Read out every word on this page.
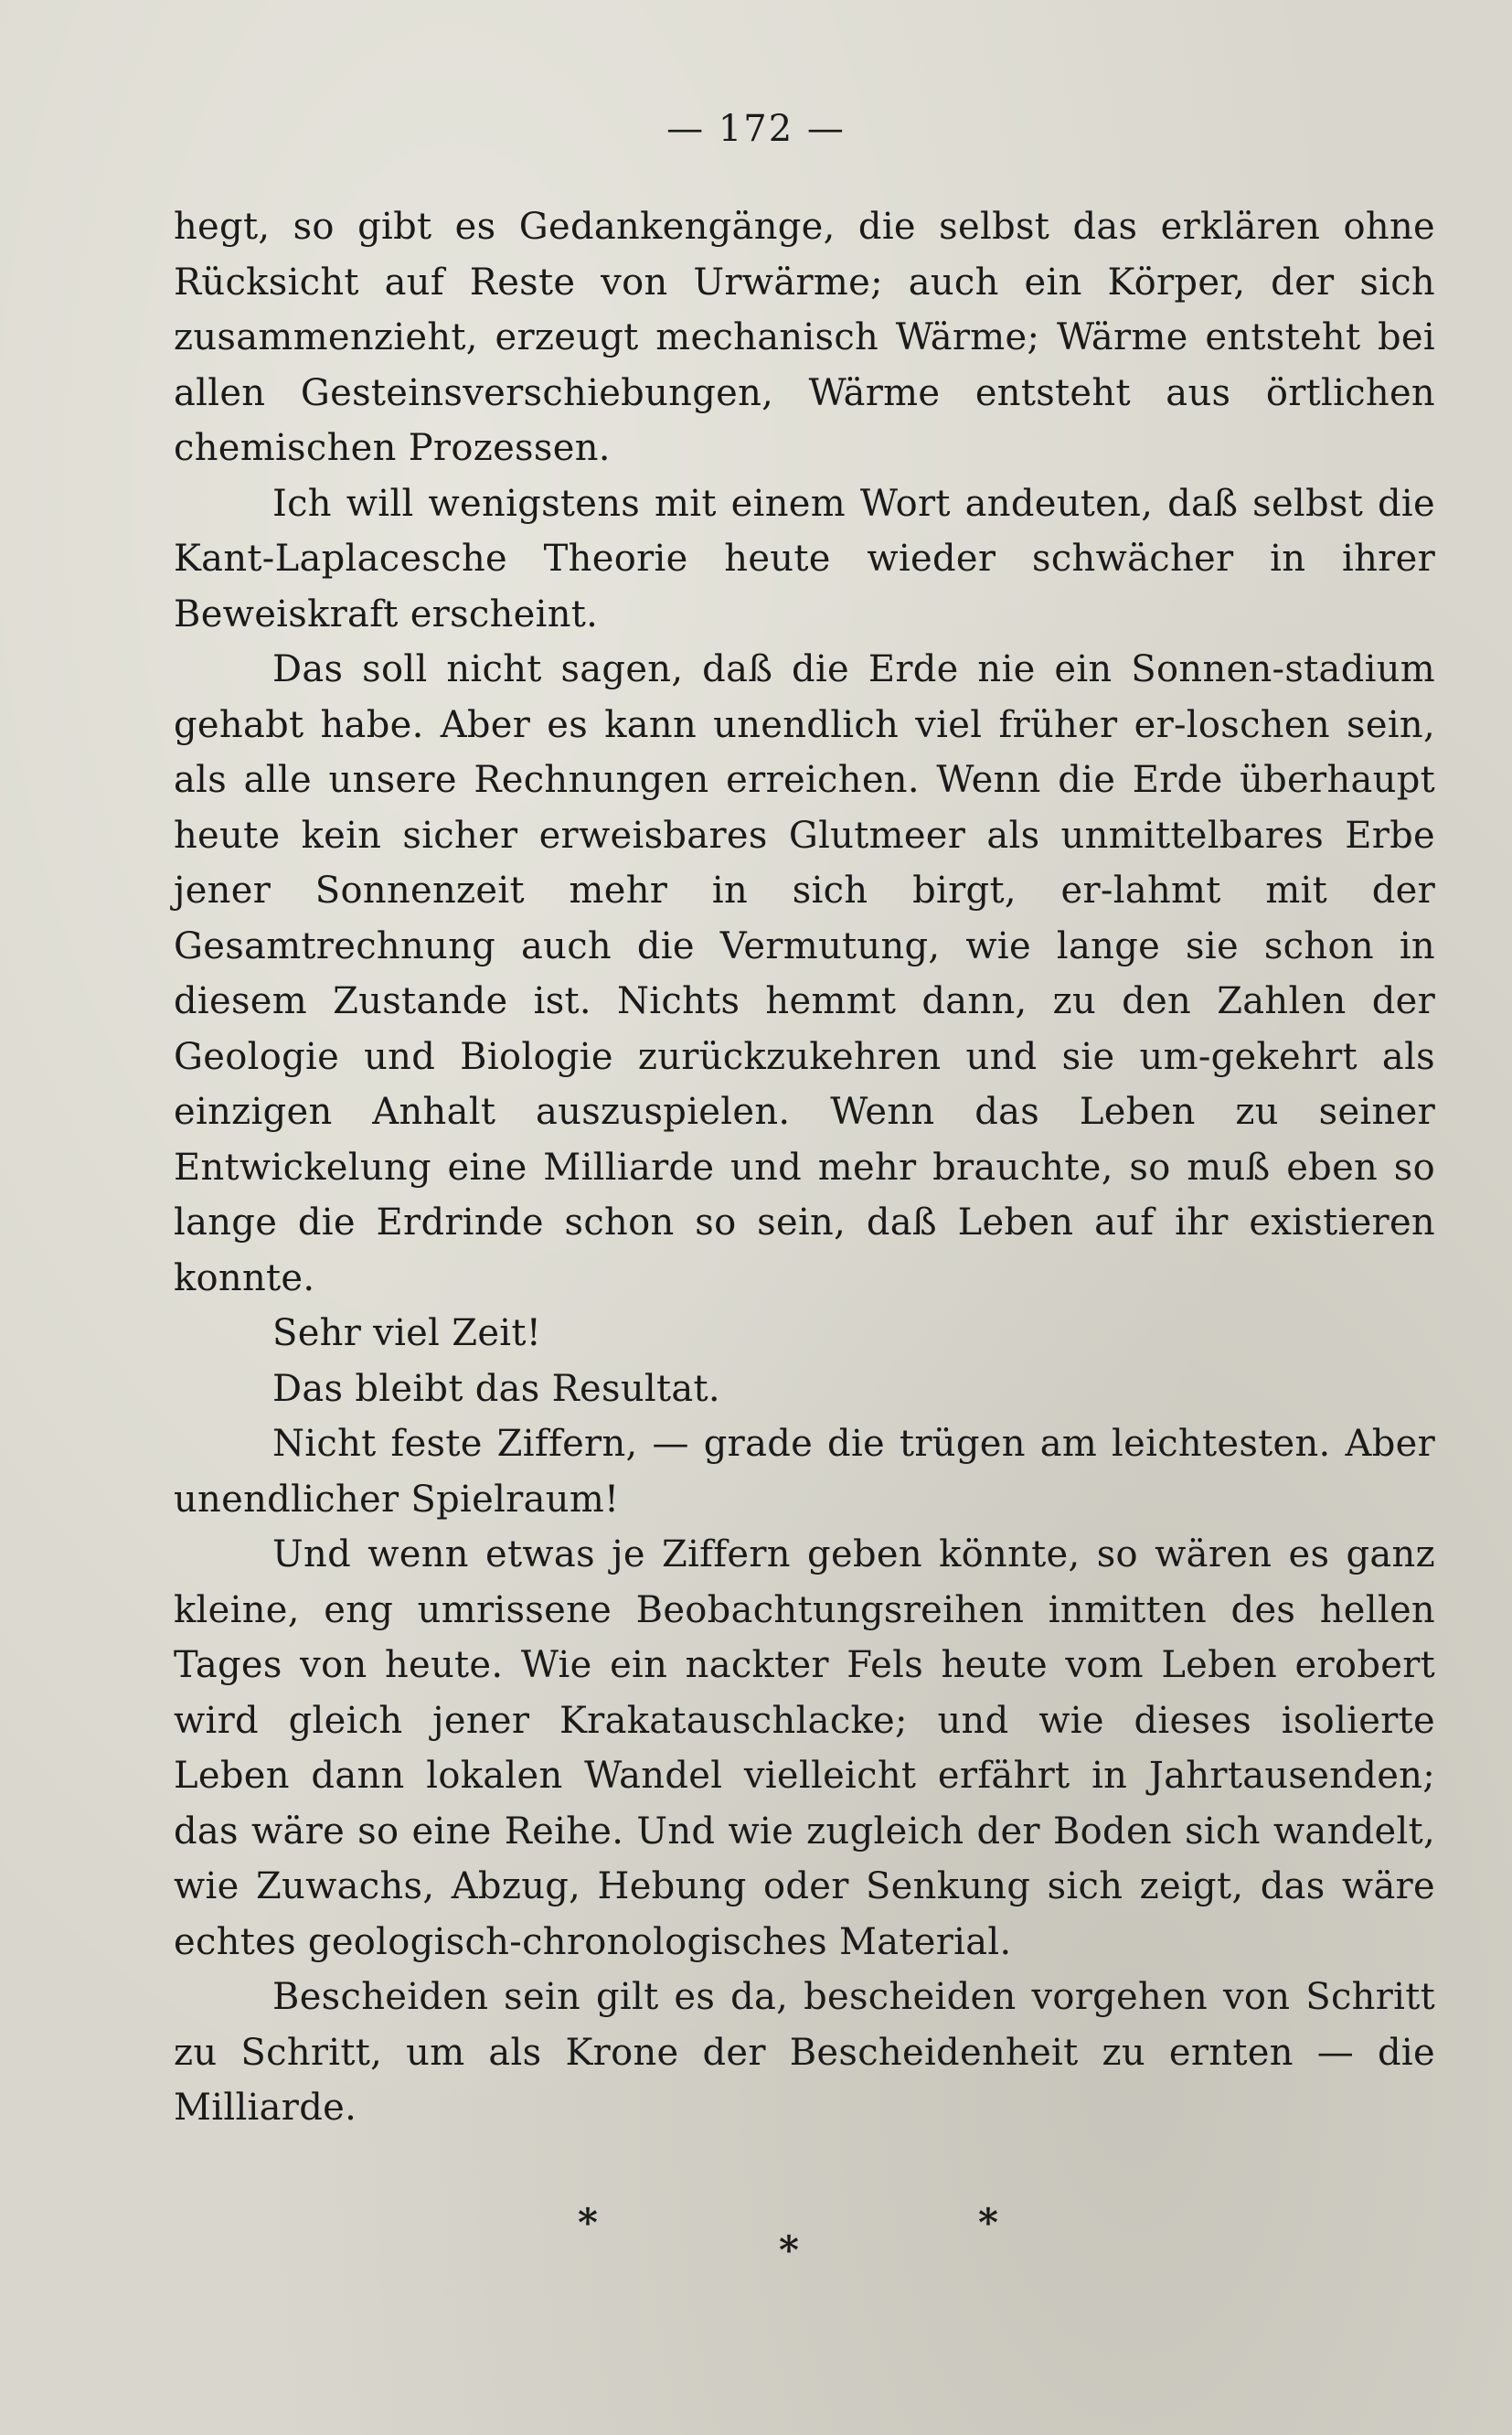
— 172 —

hegt, so gibt es Gedankengänge, die selbst das erklären ohne Rücksicht auf Reste von Urwärme; auch ein Körper, der sich zusammenzieht, erzeugt mechanisch Wärme; Wärme entsteht bei allen Gesteinsverschiebungen, Wärme entsteht aus örtlichen chemischen Prozessen.

Ich will wenigstens mit einem Wort andeuten, daß selbst die Kant-Laplacesche Theorie heute wieder schwächer in ihrer Beweiskraft erscheint.

Das soll nicht sagen, daß die Erde nie ein Sonnen-stadium gehabt habe. Aber es kann unendlich viel früher er-loschen sein, als alle unsere Rechnungen erreichen. Wenn die Erde überhaupt heute kein sicher erweisbares Glutmeer als unmittelbares Erbe jener Sonnenzeit mehr in sich birgt, er-lahmt mit der Gesamtrechnung auch die Vermutung, wie lange sie schon in diesem Zustande ist. Nichts hemmt dann, zu den Zahlen der Geologie und Biologie zurückzukehren und sie um-gekehrt als einzigen Anhalt auszuspielen. Wenn das Leben zu seiner Entwickelung eine Milliarde und mehr brauchte, so muß eben so lange die Erdrinde schon so sein, daß Leben auf ihr existieren konnte.

Sehr viel Zeit!

Das bleibt das Resultat.

Nicht feste Ziffern, — grade die trügen am leichtesten. Aber unendlicher Spielraum!

Und wenn etwas je Ziffern geben könnte, so wären es ganz kleine, eng umrissene Beobachtungsreihen inmitten des hellen Tages von heute. Wie ein nackter Fels heute vom Leben erobert wird gleich jener Krakatauschlacke; und wie dieses isolierte Leben dann lokalen Wandel vielleicht erfährt in Jahrtausenden; das wäre so eine Reihe. Und wie zugleich der Boden sich wandelt, wie Zuwachs, Abzug, Hebung oder Senkung sich zeigt, das wäre echtes geologisch-chronologisches Material.

Bescheiden sein gilt es da, bescheiden vorgehen von Schritt zu Schritt, um als Krone der Bescheidenheit zu ernten — die Milliarde.

*
*
*
